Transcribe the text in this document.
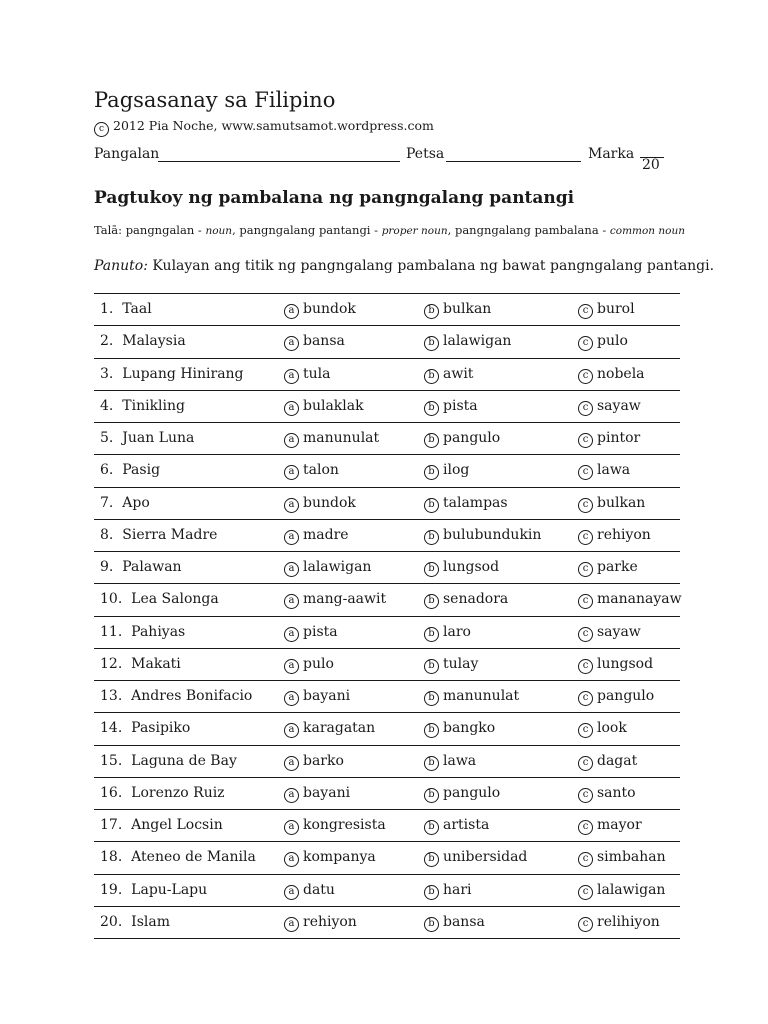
Pagsasanay sa Filipino
c 2012 Pia Noche, www.samutsamot.wordpress.com
Pangalan	Petsa	Marka
20
Pagtukoy ng pambalana ng pangngalang pantangi
Talā: pangngalan - noun, pangngalang pantangi - proper noun, pangngalang pambalana - common noun
Panuto: Kulayan ang titik ng pangngalang pambalana ng bawat pangngalang pantangi.
1. Taal	a bundok	b bulkan	c burol
2. Malaysia	a bansa	b lalawigan	c pulo
3. Lupang Hinirang	a tula	b awit	c nobela
4. Tinikling	a bulaklak	b pista	c sayaw
5. Juan Luna	a manunulat	b pangulo	c pintor
6. Pasig	a talon	b ilog	c lawa
7. Apo	a bundok	b talampas	c bulkan
8. Sierra Madre	a madre	b bulubundukin	c rehiyon
9. Palawan	a lalawigan	b lungsod	c parke
10. Lea Salonga	a mang-aawit	b senadora	c mananayaw
11. Pahiyas	a pista	b laro	c sayaw
12. Makati	a pulo	b tulay	c lungsod
13. Andres Bonifacio	a bayani	b manunulat	c pangulo
14. Pasipiko	a karagatan	b bangko	c look
15. Laguna de Bay	a barko	b lawa	c dagat
16. Lorenzo Ruiz	a bayani	b pangulo	c santo
17. Angel Locsin	a kongresista	b artista	c mayor
18. Ateneo de Manila	a kompanya	b unibersidad	c simbahan
19. Lapu-Lapu	a datu	b hari	c lalawigan
20. Islam	a rehiyon	b bansa	c relihiyon
